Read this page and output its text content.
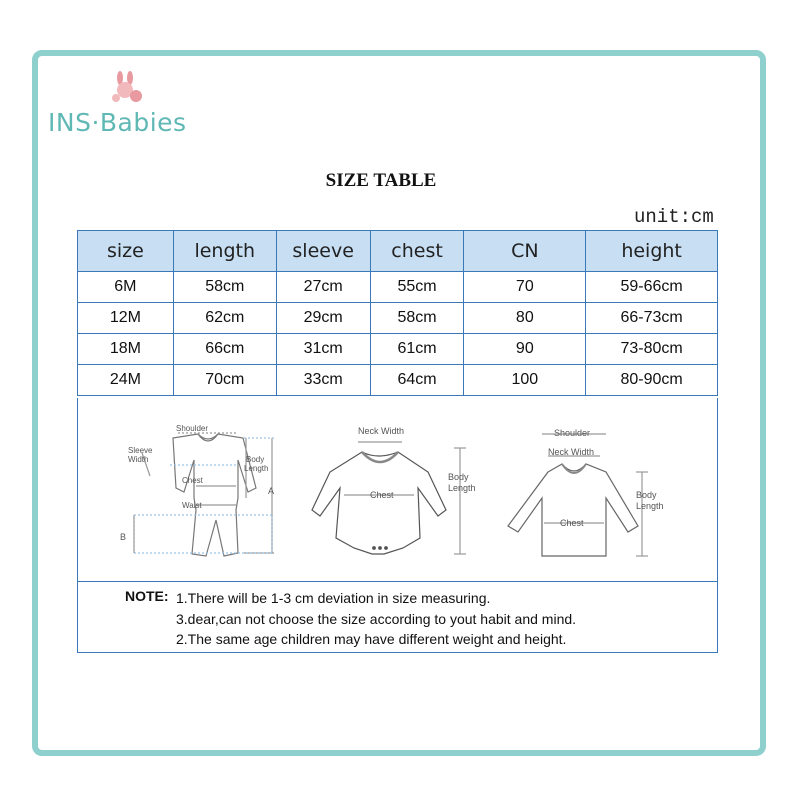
INS·Babies
SIZE TABLE
unit:cm
size	length	sleeve	chest	CN	height
6M	58cm	27cm	55cm	70	59-66cm
12M	62cm	29cm	58cm	80	66-73cm
18M	66cm	31cm	61cm	90	73-80cm
24M	70cm	33cm	64cm	100	80-90cm
Shoulder
Sleeve
Width
Chest
Waist
Body
Length
A
B
Neck Width
Chest
Body
Length
Shoulder
Neck Width
Chest
Body
Length
NOTE: 1.There will be 1-3 cm deviation in size measuring.
3.dear,can not choose the size according to yout habit and mind.
2.The same age children may have different weight and height.
